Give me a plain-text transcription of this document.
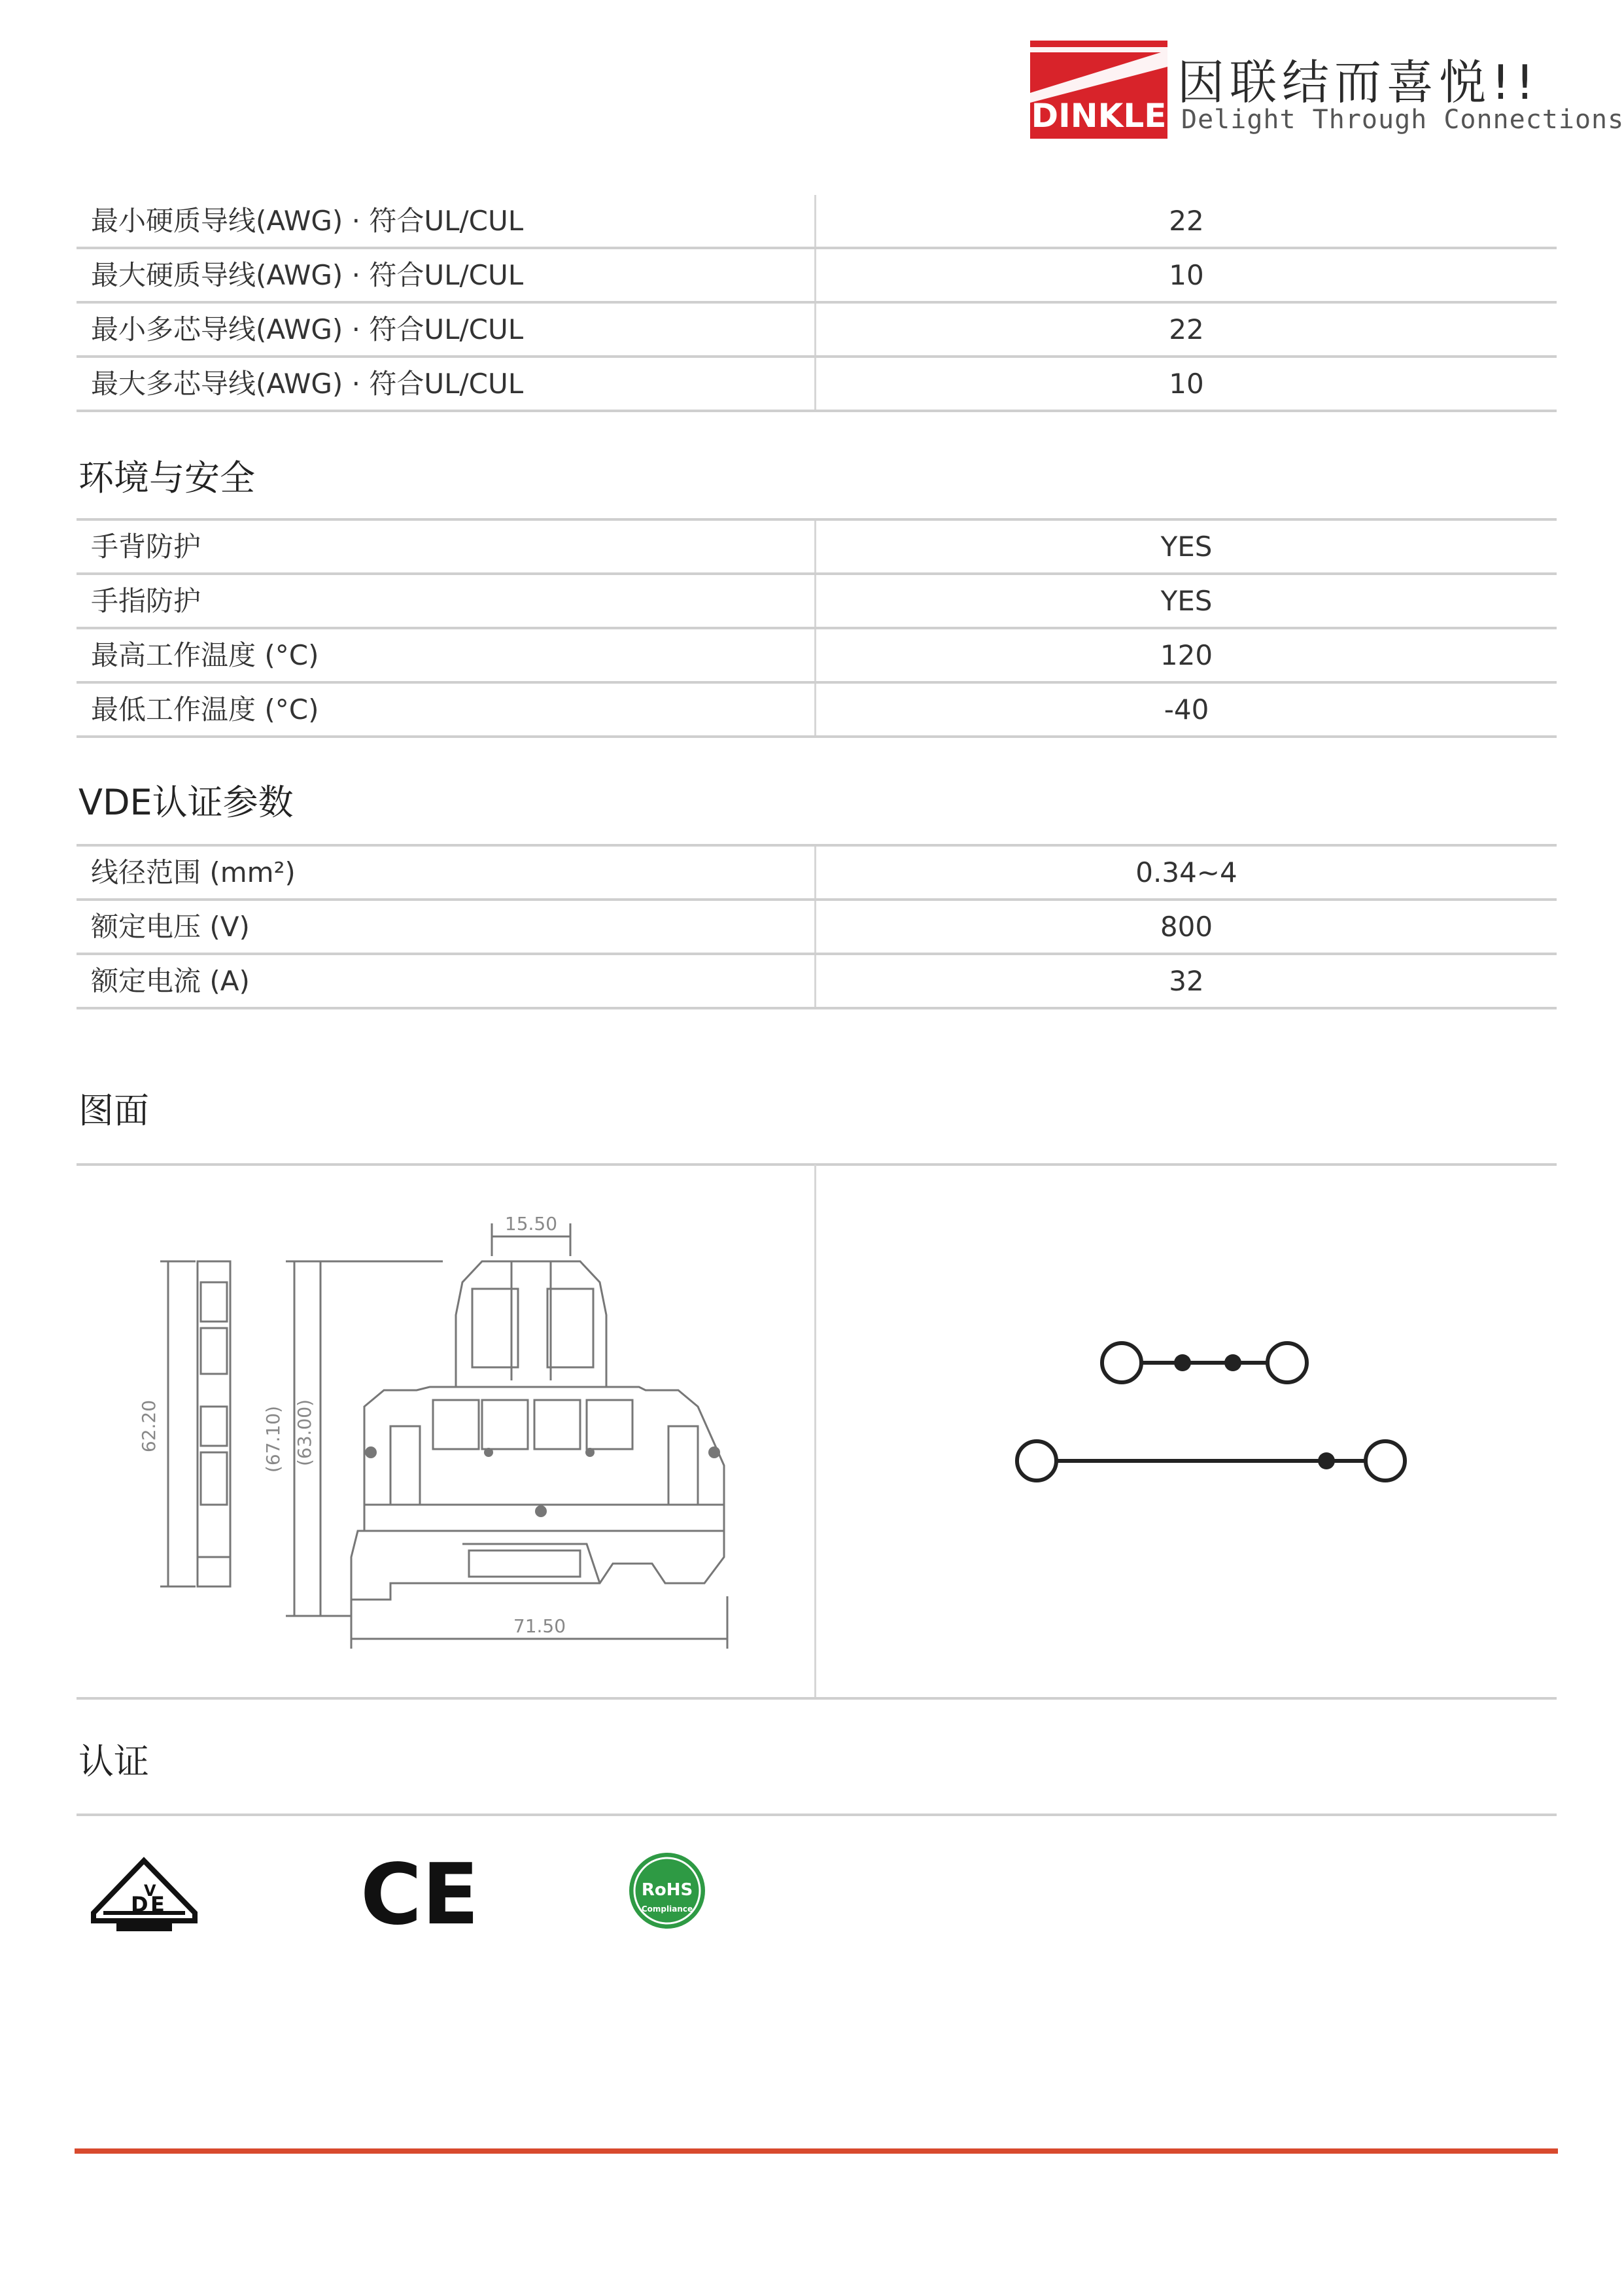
DINKLE
因联结而喜悦!!
Delight Through Connections
最小硬质导线(AWG) · 符合UL/CUL	22
最大硬质导线(AWG) · 符合UL/CUL	10
最小多芯导线(AWG) · 符合UL/CUL	22
最大多芯导线(AWG) · 符合UL/CUL	10
环境与安全
手背防护	YES
手指防护	YES
最高工作温度 (°C)	120
最低工作温度 (°C)	-40
VDE认证参数
线径范围 (mm²)	0.34~4
额定电压 (V)	800
额定电流 (A)	32
图面
62.20	(67.10) (63.00)
15.50
71.50
认证
D
V
E CE	RoHS
Compliance
